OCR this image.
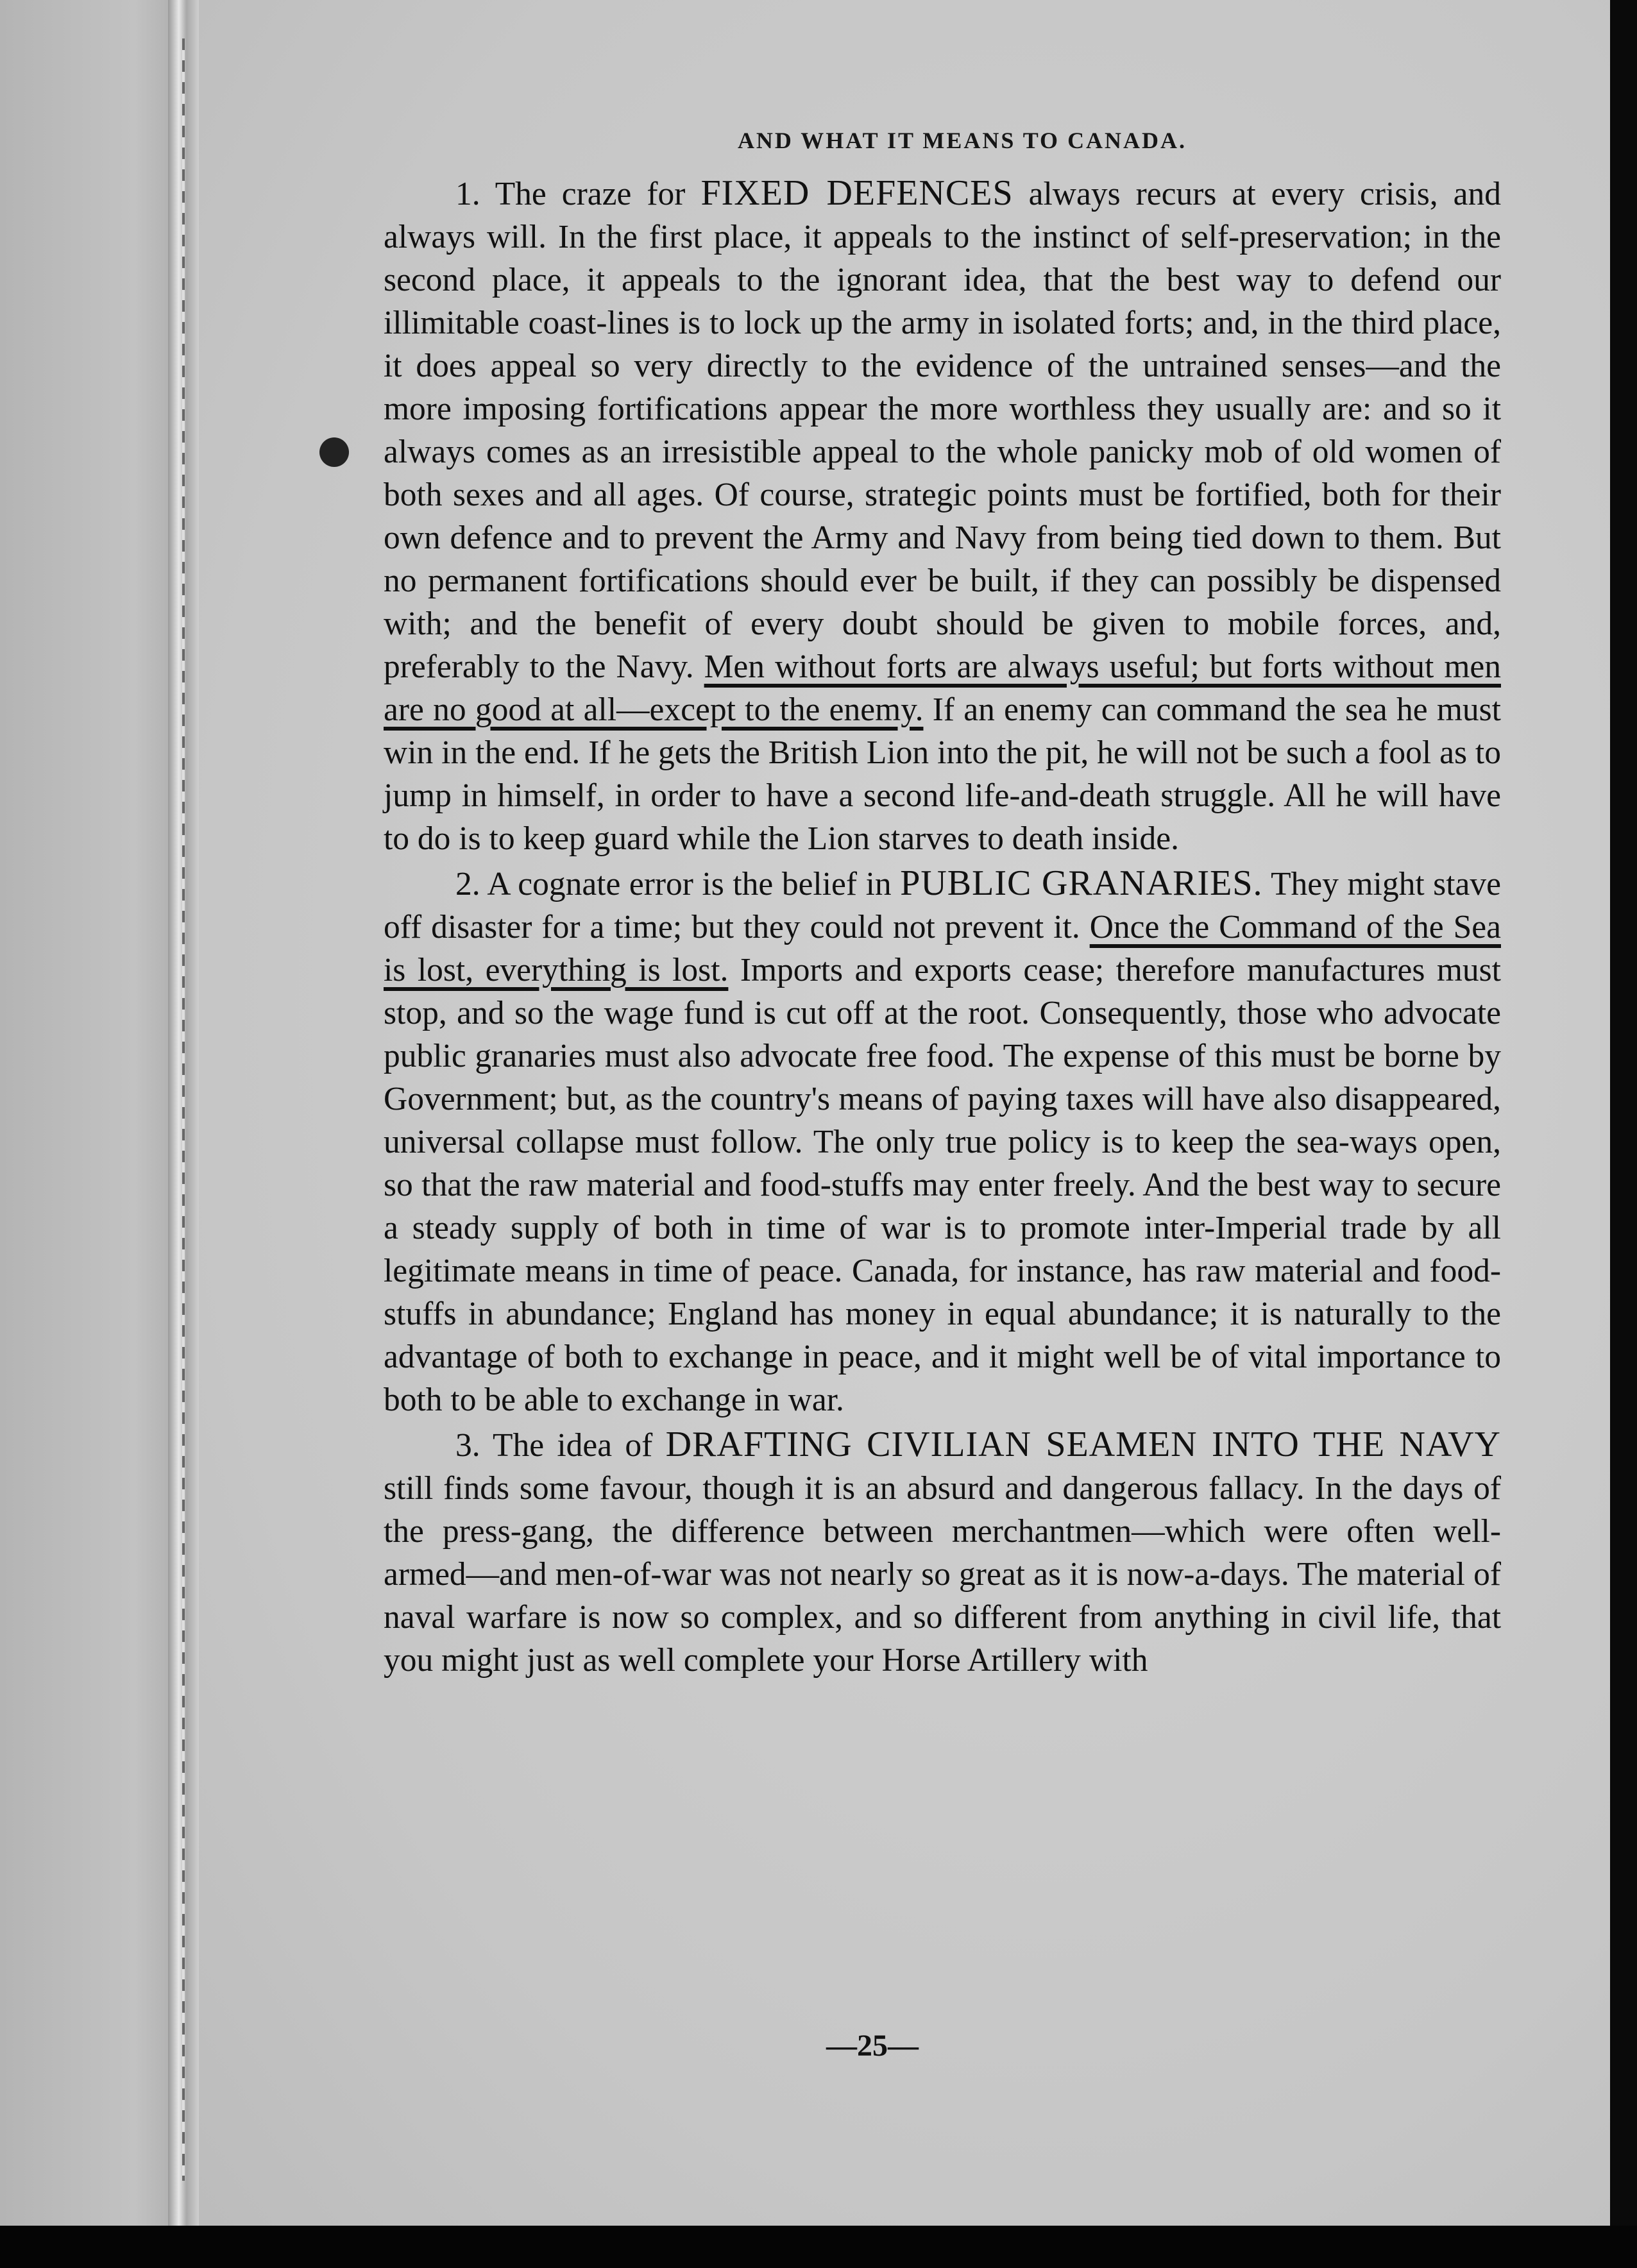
AND WHAT IT MEANS TO CANADA.

1. The craze for FIXED DEFENCES always recurs at every crisis, and always will. In the first place, it appeals to the instinct of self-preservation; in the second place, it appeals to the ignorant idea, that the best way to defend our illimitable coast-lines is to lock up the army in isolated forts; and, in the third place, it does appeal so very directly to the evidence of the untrained senses—and the more imposing fortifications appear the more worthless they usually are: and so it always comes as an irresistible appeal to the whole panicky mob of old women of both sexes and all ages. Of course, strategic points must be fortified, both for their own defence and to prevent the Army and Navy from being tied down to them. But no permanent fortifications should ever be built, if they can possibly be dispensed with; and the benefit of every doubt should be given to mobile forces, and, preferably to the Navy. Men without forts are always useful; but forts without men are no good at all—except to the enemy. If an enemy can command the sea he must win in the end. If he gets the British Lion into the pit, he will not be such a fool as to jump in himself, in order to have a second life-and-death struggle. All he will have to do is to keep guard while the Lion starves to death inside.

2. A cognate error is the belief in PUBLIC GRANARIES. They might stave off disaster for a time; but they could not prevent it. Once the Command of the Sea is lost, everything is lost. Imports and exports cease; therefore manufactures must stop, and so the wage fund is cut off at the root. Consequently, those who advocate public granaries must also advocate free food. The expense of this must be borne by Government; but, as the country's means of paying taxes will have also disappeared, universal collapse must follow. The only true policy is to keep the sea-ways open, so that the raw material and food-stuffs may enter freely. And the best way to secure a steady supply of both in time of war is to promote inter-Imperial trade by all legitimate means in time of peace. Canada, for instance, has raw material and food-stuffs in abundance; England has money in equal abundance; it is naturally to the advantage of both to exchange in peace, and it might well be of vital importance to both to be able to exchange in war.

3. The idea of DRAFTING CIVILIAN SEAMEN INTO THE NAVY still finds some favour, though it is an absurd and dangerous fallacy. In the days of the press-gang, the difference between merchantmen—which were often well-armed—and men-of-war was not nearly so great as it is now-a-days. The material of naval warfare is now so complex, and so different from anything in civil life, that you might just as well complete your Horse Artillery with

—25—
